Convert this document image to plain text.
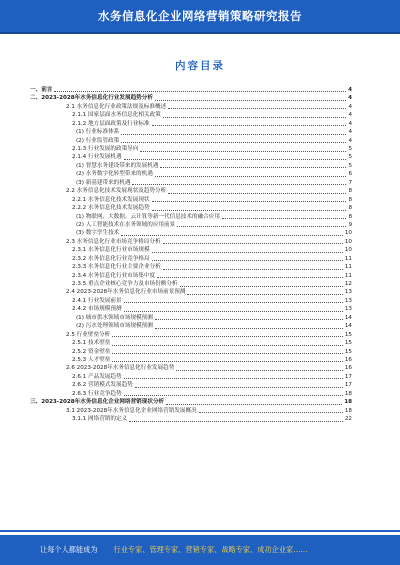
水务信息化企业网络营销策略研究报告
内容目录
一、前言	4
二、2023-2028年水务信息化行业发展趋势分析	4
2.1 水务信息化行业政策法规及标准概述	4
2.1.1 国家层面水务信息化相关政策	4
2.1.2 地方层面政策及行业标准	4
(1) 行业标准体系	4
(2) 行业监管政策	4
2.1.3 行业发展的政策导向	5
2.1.4 行业发展机遇	5
(1) 智慧水务建设带来的发展机遇	5
(2) 水务数字化转型带来的机遇	6
(3) 新基建带来的机遇	7
2.2 水务信息化技术发展现状及趋势分析	8
2.2.1 水务信息化技术发展现状	8
2.2.2 水务信息化技术发展趋势	8
(1) 物联网、大数据、云计算等新一代信息技术的融合应用	8
(2) 人工智能技术在水务领域的应用前景	9
(3) 数字孪生技术	10
2.3 水务信息化行业市场竞争格局分析	10
2.3.1 水务信息化行业市场规模	10
2.3.2 水务信息化行业竞争格局	11
2.3.3 水务信息化行业主要企业分析	11
2.3.4 水务信息化行业市场集中度	11
2.3.5 重点企业核心竞争力及市场份额分析	12
2.4 2023-2028年水务信息化行业市场前景预测	13
2.4.1 行业发展前景	13
2.4.2 市场规模预测	13
(1) 城市供水领域市场规模预测	14
(2) 污水处理领域市场规模预测	14
2.5 行业壁垒分析	15
2.5.1 技术壁垒	15
2.5.2 资金壁垒	15
2.5.3 人才壁垒	16
2.6 2023-2028年水务信息化行业发展趋势	16
2.6.1 产品发展趋势	17
2.6.2 营销模式发展趋势	17
2.6.3 行业竞争趋势	18
三、2023-2028年水务信息化企业网络营销现状分析	18
3.1 2023-2028年水务信息化企业网络营销发展概况	18
3.1.1 网络营销的定义	22
让每个人都能成为 行业专家、管理专家、营销专家、战略专家、成功企业家……
